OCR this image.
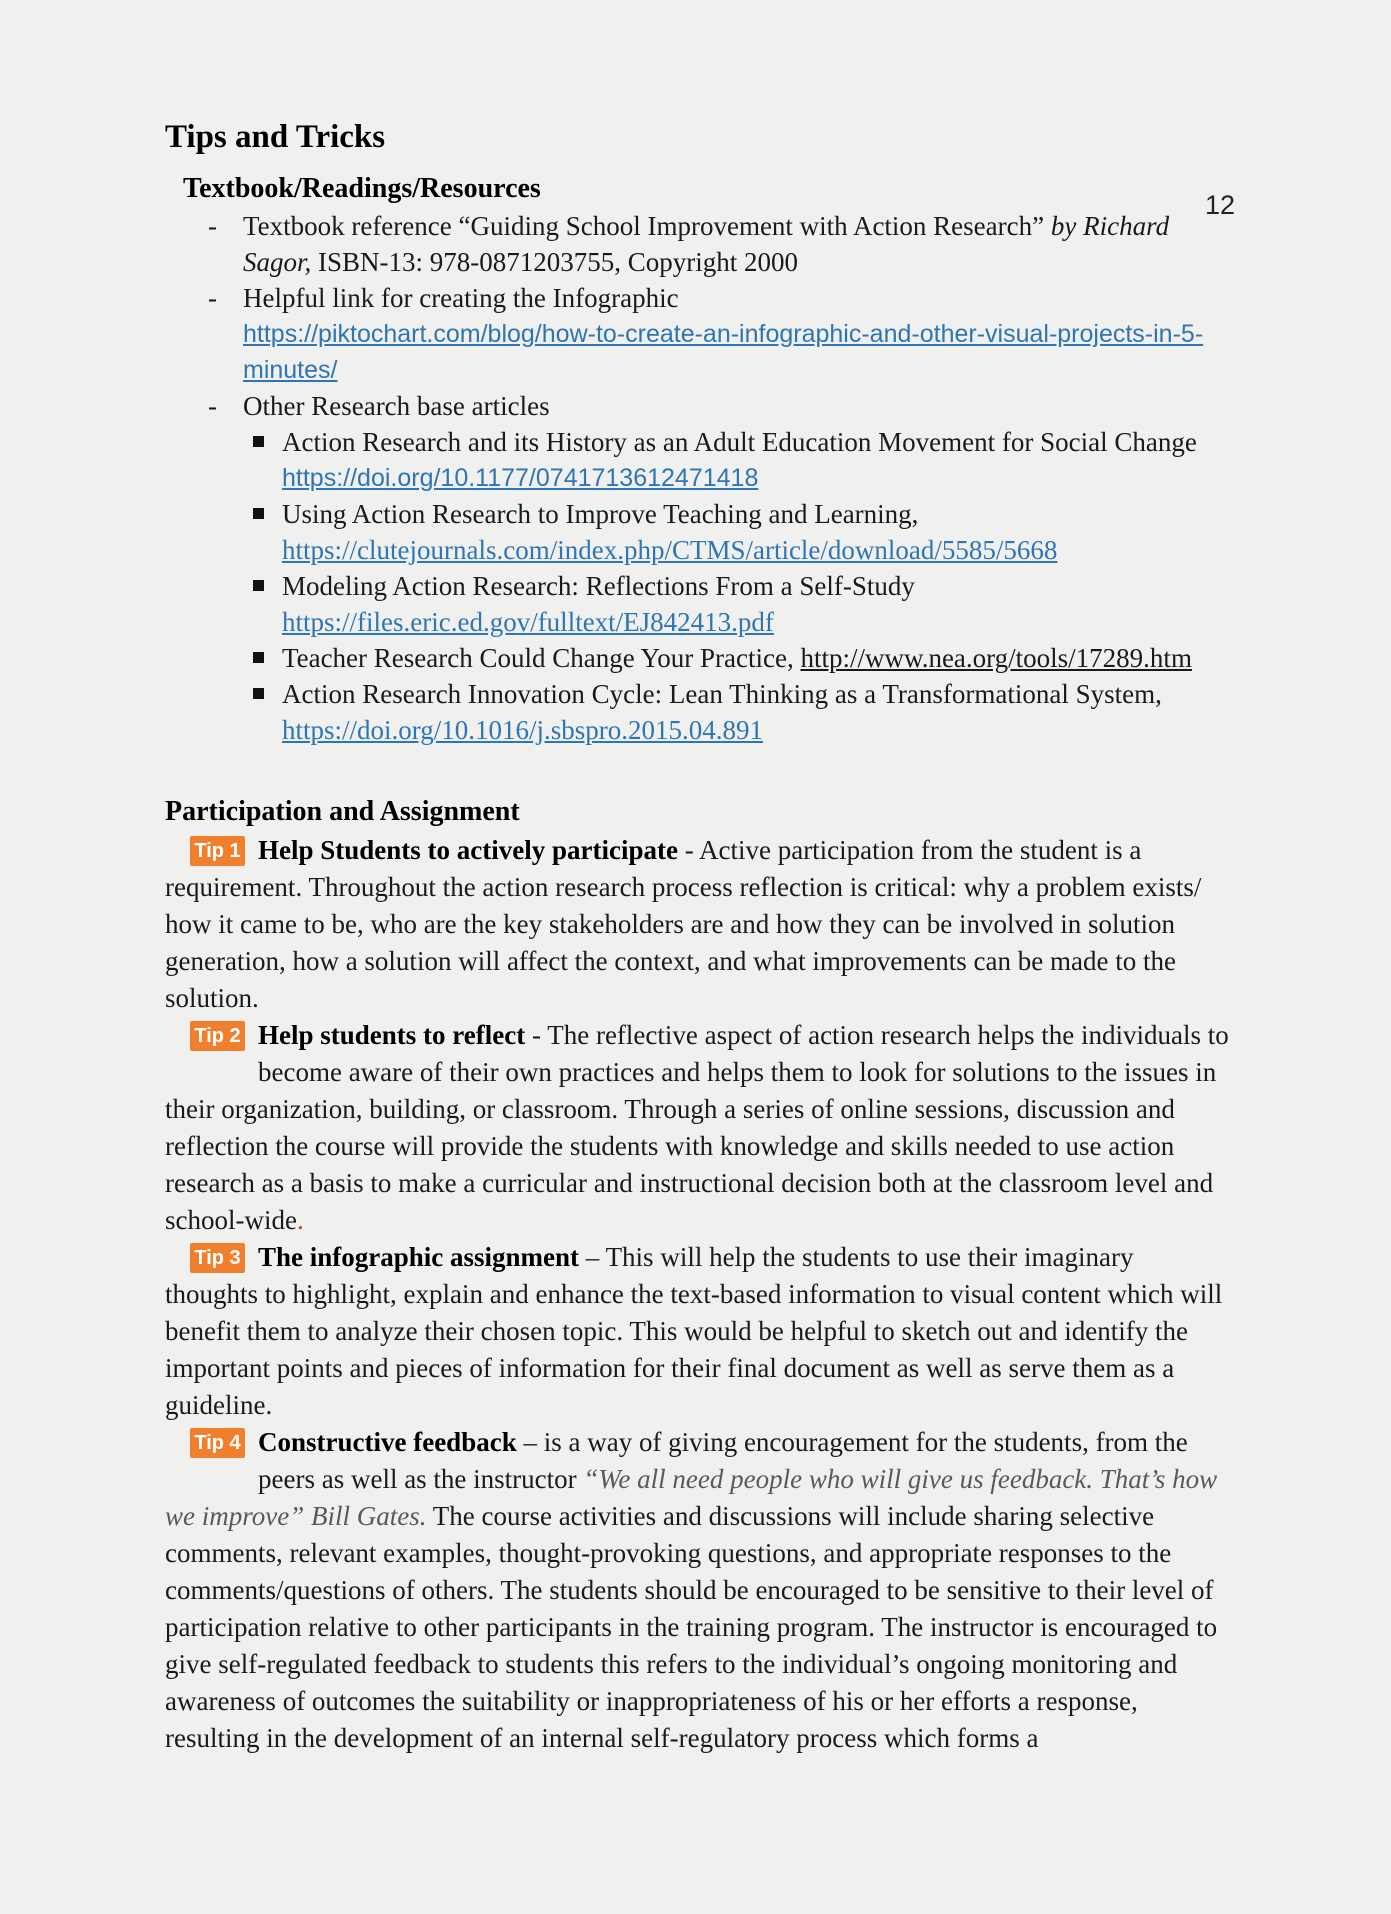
12
Tips and Tricks
Textbook/Readings/Resources
- Textbook reference “Guiding School Improvement with Action Research” by Richard Sagor, ISBN-13: 978-0871203755, Copyright 2000
- Helpful link for creating the Infographic
https://piktochart.com/blog/how-to-create-an-infographic-and-other-visual-projects-in-5-minutes/
- Other Research base articles
Action Research and its History as an Adult Education Movement for Social Change
https://doi.org/10.1177/0741713612471418
Using Action Research to Improve Teaching and Learning,
https://clutejournals.com/index.php/CTMS/article/download/5585/5668
Modeling Action Research: Reflections From a Self-Study
https://files.eric.ed.gov/fulltext/EJ842413.pdf
Teacher Research Could Change Your Practice, http://www.nea.org/tools/17289.htm
Action Research Innovation Cycle: Lean Thinking as a Transformational System,
https://doi.org/10.1016/j.sbspro.2015.04.891
Participation and Assignment

Tip 1 Help Students to actively participate - Active participation from the student is a requirement. Throughout the action research process reflection is critical: why a problem exists/ how it came to be, who are the key stakeholders are and how they can be involved in solution generation, how a solution will affect the context, and what improvements can be made to the solution.

Tip 2 Help students to reflect - The reflective aspect of action research helps the individuals to become aware of their own practices and helps them to look for solutions to the issues in their organization, building, or classroom. Through a series of online sessions, discussion and reflection the course will provide the students with knowledge and skills needed to use action research as a basis to make a curricular and instructional decision both at the classroom level and school-wide.

Tip 3 The infographic assignment – This will help the students to use their imaginary thoughts to highlight, explain and enhance the text-based information to visual content which will benefit them to analyze their chosen topic. This would be helpful to sketch out and identify the important points and pieces of information for their final document as well as serve them as a guideline.

Tip 4 Constructive feedback – is a way of giving encouragement for the students, from the peers as well as the instructor “We all need people who will give us feedback. That’s how we improve” Bill Gates. The course activities and discussions will include sharing selective comments, relevant examples, thought-provoking questions, and appropriate responses to the comments/questions of others. The students should be encouraged to be sensitive to their level of participation relative to other participants in the training program. The instructor is encouraged to give self-regulated feedback to students this refers to the individual’s ongoing monitoring and awareness of outcomes the suitability or inappropriateness of his or her efforts a response, resulting in the development of an internal self-regulatory process which forms a
